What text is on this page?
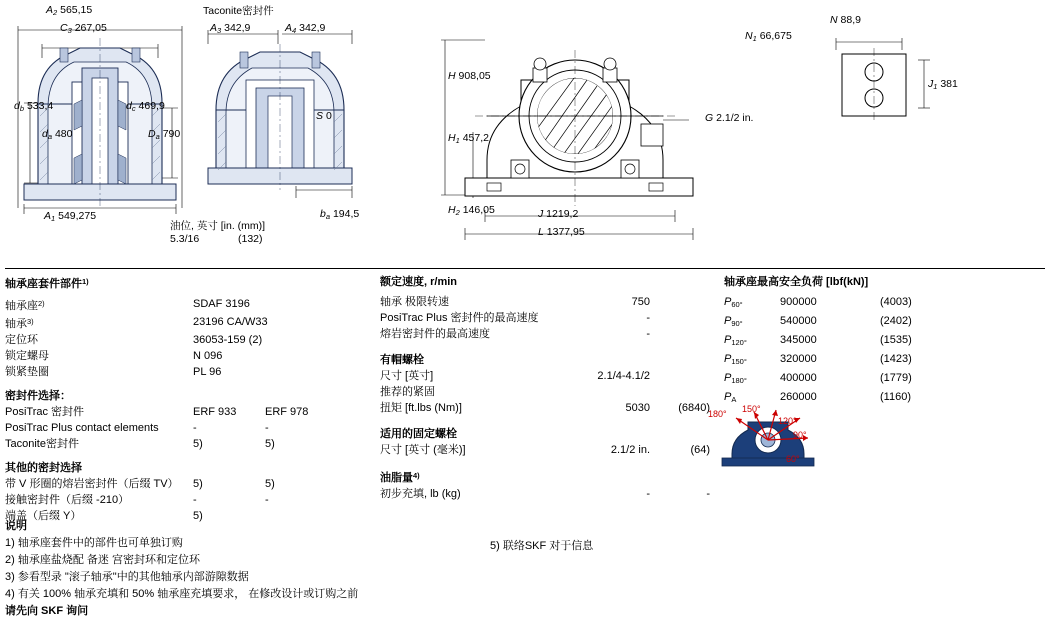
$A_2$ 565,15
$C_3$ 267,05
$d_b$ 533,4	$d_c$ 469,9
$d_a$ 480	$D_a$ 790
$A_1$ 549,275
Taconite密封件
$A_3$ 342,9	$A_4$ 342,9
S 0
$b_a$ 194,5
油位, 英寸 [in. (mm)]
5.3/16	(132)
H 908,05
$H_1$ 457,2
$H_2$ 146,05	J 1219,2
L 1377,95
G 2.1/2 in.
$N_1$ 66,675
N 88,9
$J_1$ 381
轴承座套件部件$^{1)}$
轴承座$^{2)}$	SDAF 3196
轴承$^{3)}$	23196 CA/W33
定位环	36053-159 (2)
锁定螺母	N 096
锁紧垫圈	PL 96
密封件选择：
PosiTrac 密封件	ERF 933	ERF 978
PosiTrac Plus contact elements	-	-
Taconite密封件	5)	5)
其他的密封选择
带 V 形圈的熔岩密封件（后缀 TV）	5)	5)
接触密封件（后缀 -210）	-	-
端盖（后缀 Y）	5)
额定速度, r/min
轴承 极限转速	750
PosiTrac Plus 密封件的最高速度	-
熔岩密封件的最高速度	-
有帽螺栓
尺寸 [英寸]	2.1/4-4.1/2
推荐的紧固
扭矩 [ft.lbs (Nm)]	5030	(6840)
适用的固定螺栓
尺寸 [英寸 (毫米)]	2.1/2 in.	(64)
油脂量$^{4)}$
初步充填, lb (kg)	-	-
轴承座最高安全负荷 [lbf(kN)]
$P_{60^\circ}$	900000	(4003)
$P_{90^\circ}$	540000	(2402)
$P_{120^\circ}$	345000	(1535)
$P_{150^\circ}$	320000	(1423)
$P_{180^\circ}$	400000	(1779)
$P_A$	260000	(1160)
180° 150°
120°
90°
60°
说明
1) 轴承座套件中的部件也可单独订购
2) 轴承座盐烧配 备迷 宫密封环和定位环
3) 参看型录 "滚子轴承"中的其他轴承内部游隙数据
4) 有关 100% 轴承充填和 50% 轴承座充填要求， 在修改设计或订购之前
请先向 SKF 询问
5) 联络SKF 对于信息
